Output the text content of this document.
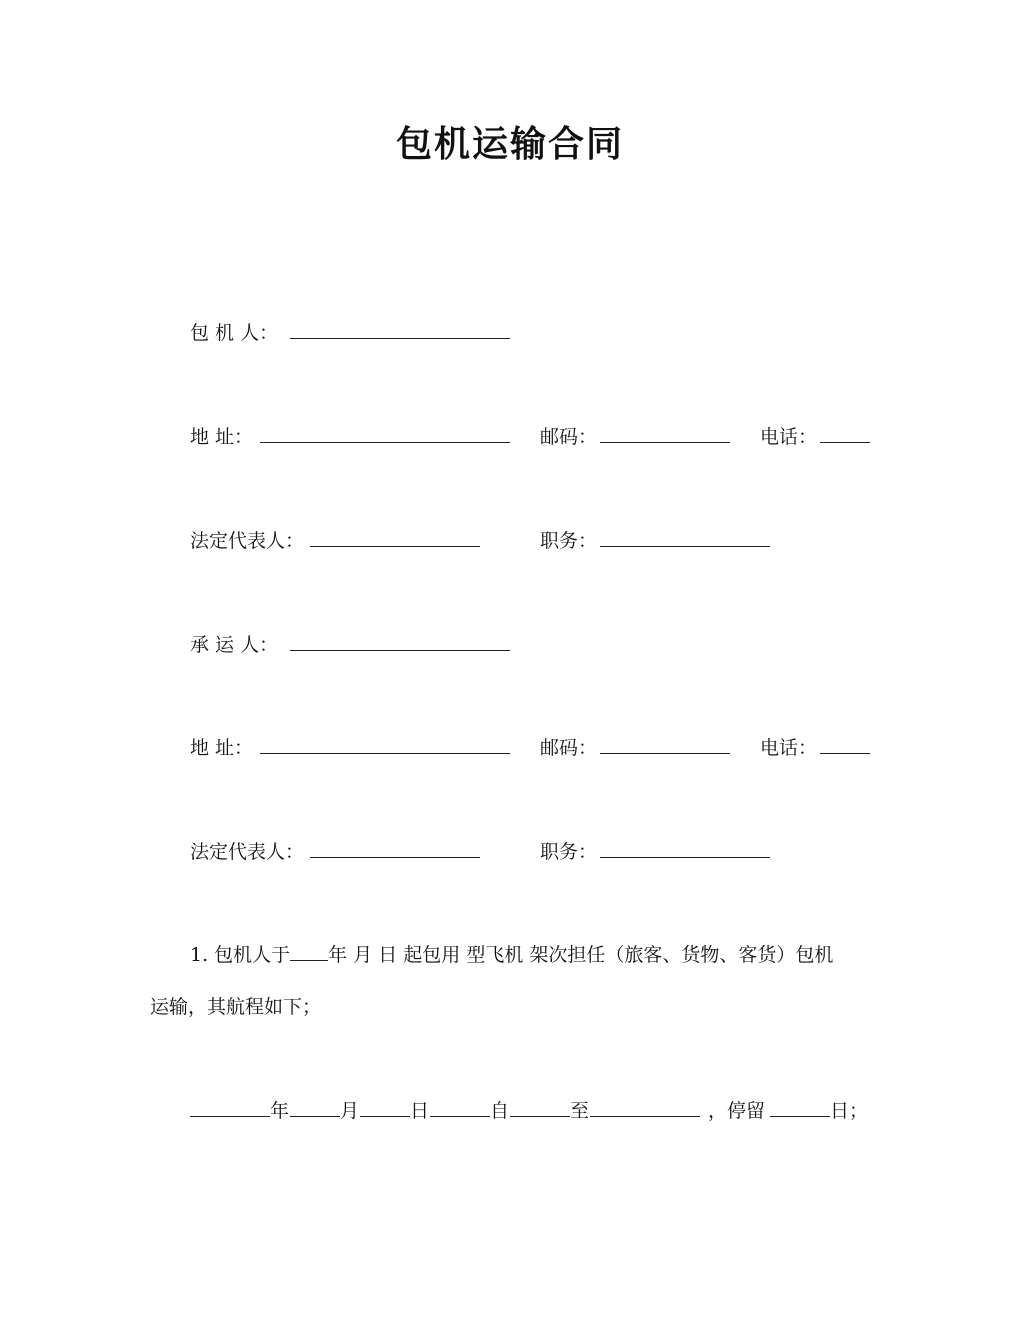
包机运输合同
包 机 人：
地 址：	邮码：	电话：
法定代表人：	职务：
承 运 人：
地 址：	邮码：	电话：
法定代表人：	职务：
1. 包机人于 年 月 日 起包用 型飞机 架次担任（旅客、货物、客货）包机
运输，其航程如下；
年	月	日	自	至	，停留	日；
